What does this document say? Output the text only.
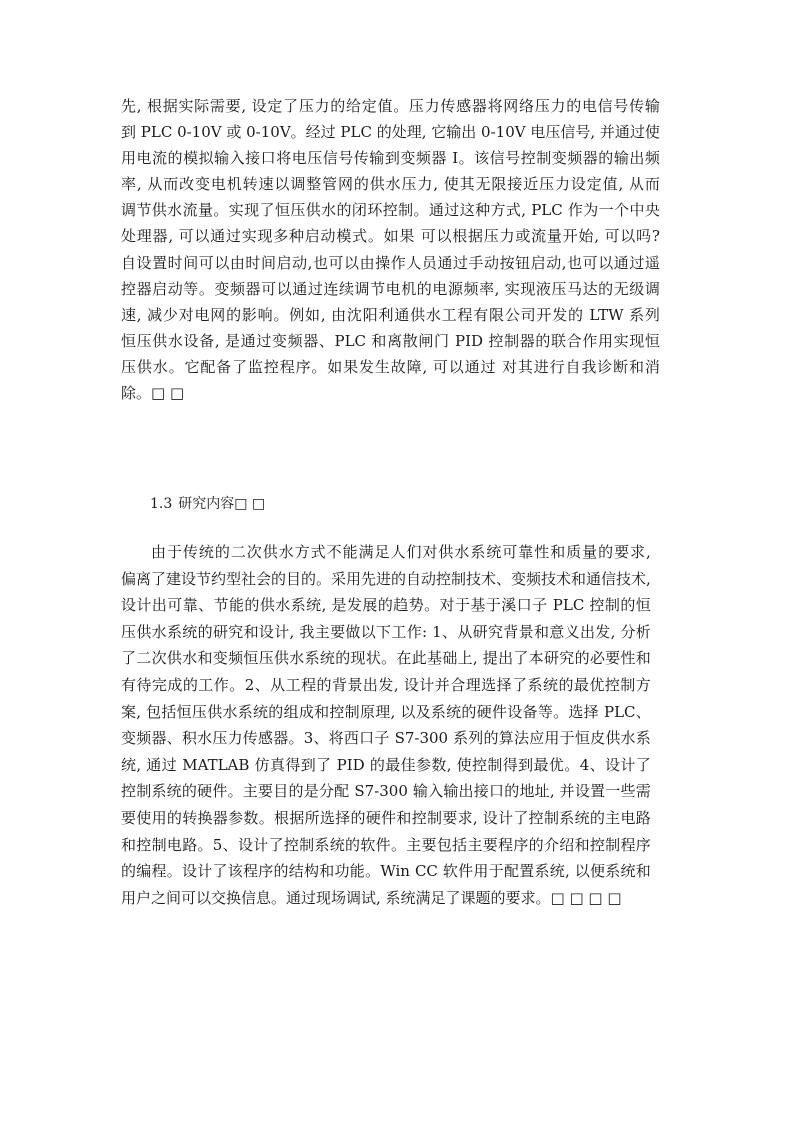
先, 根据实际需要, 设定了压力的给定值。压力传感器将网络压力的电信号传输
到 PLC 0-10V 或 0-10V。经过 PLC 的处理, 它输出 0-10V 电压信号, 并通过使
用电流的模拟输入接口将电压信号传输到变频器 I。该信号控制变频器的输出频
率, 从而改变电机转速以调整管网的供水压力, 使其无限接近压力设定值, 从而
调节供水流量。实现了恒压供水的闭环控制。通过这种方式, PLC 作为一个中央
处理器, 可以通过实现多种启动模式。如果 可以根据压力或流量开始, 可以吗?
自设置时间可以由时间启动,也可以由操作人员通过手动按钮启动,也可以通过遥
控器启动等。变频器可以通过连续调节电机的电源频率, 实现液压马达的无级调
速, 减少对电网的影响。例如, 由沈阳利通供水工程有限公司开发的 LTW 系列
恒压供水设备, 是通过变频器、PLC 和离散闸门 PID 控制器的联合作用实现恒
压供水。它配备了监控程序。如果发生故障, 可以通过 对其进行自我诊断和消
除。□ □
由于传统的二次供水方式不能满足人们对供水系统可靠性和质量的要求,
偏离了建设节约型社会的目的。采用先进的自动控制技术、变频技术和通信技术,
设计出可靠、节能的供水系统, 是发展的趋势。对于基于溪口子 PLC 控制的恒
压供水系统的研究和设计, 我主要做以下工作: 1、从研究背景和意义出发, 分析
了二次供水和变频恒压供水系统的现状。在此基础上, 提出了本研究的必要性和
有待完成的工作。2、从工程的背景出发, 设计并合理选择了系统的最优控制方
案, 包括恒压供水系统的组成和控制原理, 以及系统的硬件设备等。选择 PLC、
变频器、积水压力传感器。3、将西口子 S7-300 系列的算法应用于恒皮供水系
统, 通过 MATLAB 仿真得到了 PID 的最佳参数, 使控制得到最优。4、设计了
控制系统的硬件。主要目的是分配 S7-300 输入输出接口的地址, 并设置一些需
要使用的转换器参数。根据所选择的硬件和控制要求, 设计了控制系统的主电路
和控制电路。5、设计了控制系统的软件。主要包括主要程序的介绍和控制程序
的编程。设计了该程序的结构和功能。Win CC 软件用于配置系统, 以便系统和
用户之间可以交换信息。通过现场调试, 系统满足了课题的要求。□ □ □ □
1.3 研究内容□ □
